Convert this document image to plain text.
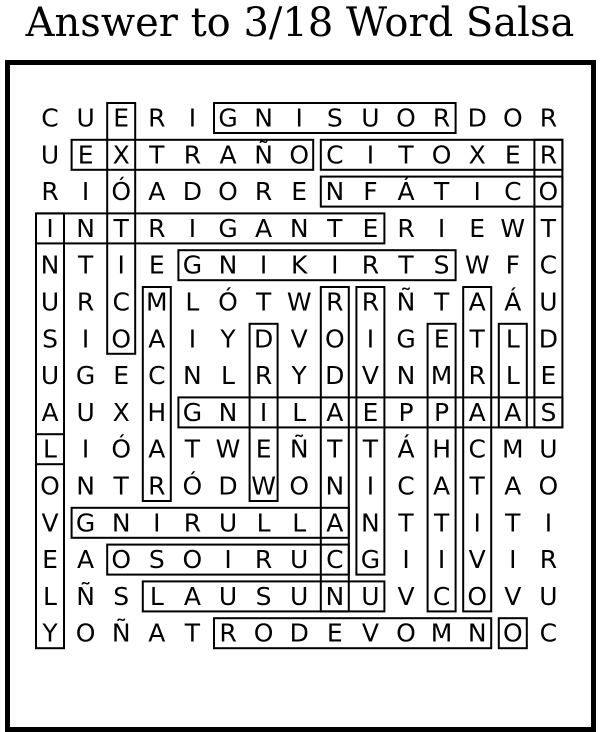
Answer to 3/18 Word Salsa
C U E R I G N I S U O R D O R
U E X T R A Ñ O C I T O X E R
R I Ó A D O R E N F Á T I C O
I N T R I G A N T E R I E W T
N T I E G N I K I R T S W F C
U R C M L Ó T W R R Ñ T A Á U
S I O A I Y D V O I G E T L D
U G E C N L R Y D V N M R L E
A U X H G N I L A E P P A A S
L I Ó A T W E Ñ T T Á H C M U
O N T R Ó D W O N I C A T A O
V G N I R U L L A N T T I T I
E A O S O I R U C G I I V I R
L Ñ S L A U S U N U V C O V U
Y O Ñ A T R O D E V O M N O C
